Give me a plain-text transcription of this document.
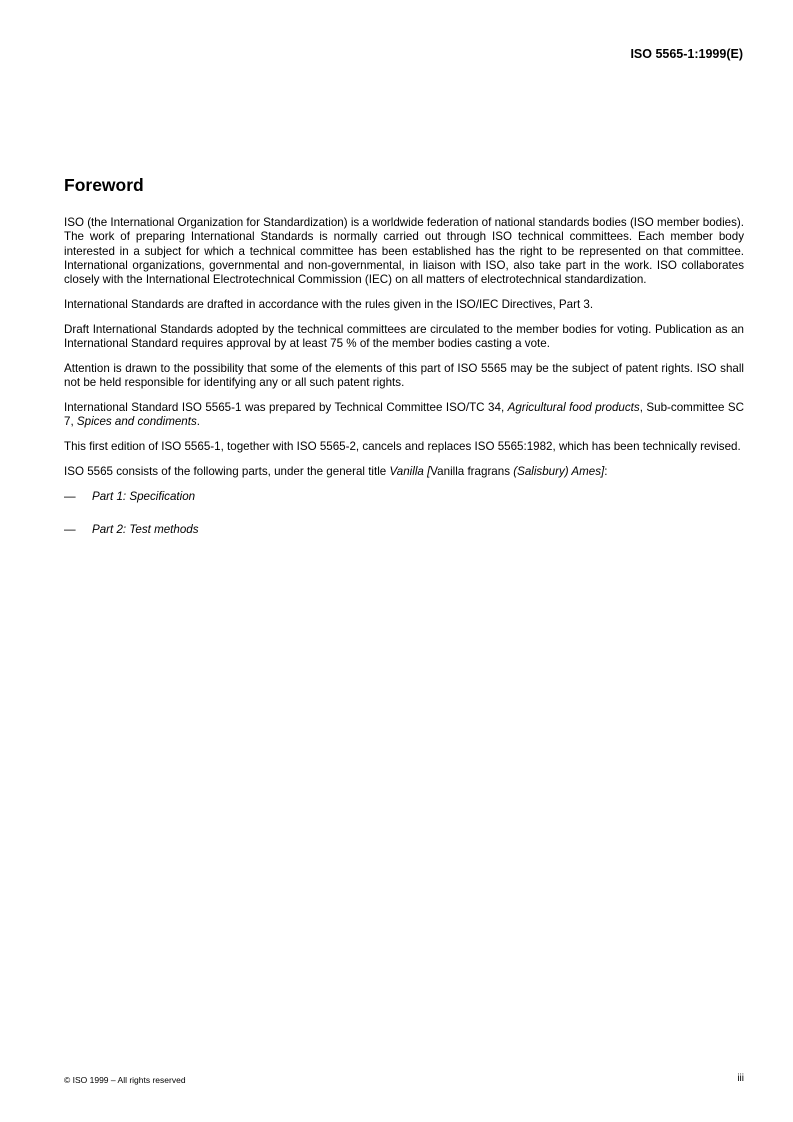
ISO 5565-1:1999(E)
Foreword

ISO (the International Organization for Standardization) is a worldwide federation of national standards bodies (ISO member bodies). The work of preparing International Standards is normally carried out through ISO technical committees. Each member body interested in a subject for which a technical committee has been established has the right to be represented on that committee. International organizations, governmental and non-governmental, in liaison with ISO, also take part in the work. ISO collaborates closely with the International Electrotechnical Commission (IEC) on all matters of electrotechnical standardization.

International Standards are drafted in accordance with the rules given in the ISO/IEC Directives, Part 3.

Draft International Standards adopted by the technical committees are circulated to the member bodies for voting. Publication as an International Standard requires approval by at least 75 % of the member bodies casting a vote.

Attention is drawn to the possibility that some of the elements of this part of ISO 5565 may be the subject of patent rights. ISO shall not be held responsible for identifying any or all such patent rights.

International Standard ISO 5565-1 was prepared by Technical Committee ISO/TC 34, Agricultural food products, Sub-committee SC 7, Spices and condiments.

This first edition of ISO 5565-1, together with ISO 5565-2, cancels and replaces ISO 5565:1982, which has been technically revised.

ISO 5565 consists of the following parts, under the general title Vanilla [Vanilla fragrans (Salisbury) Ames]:

—	Part 1: Specification
—	Part 2: Test methods
© ISO 1999 – All rights reserved	iii
